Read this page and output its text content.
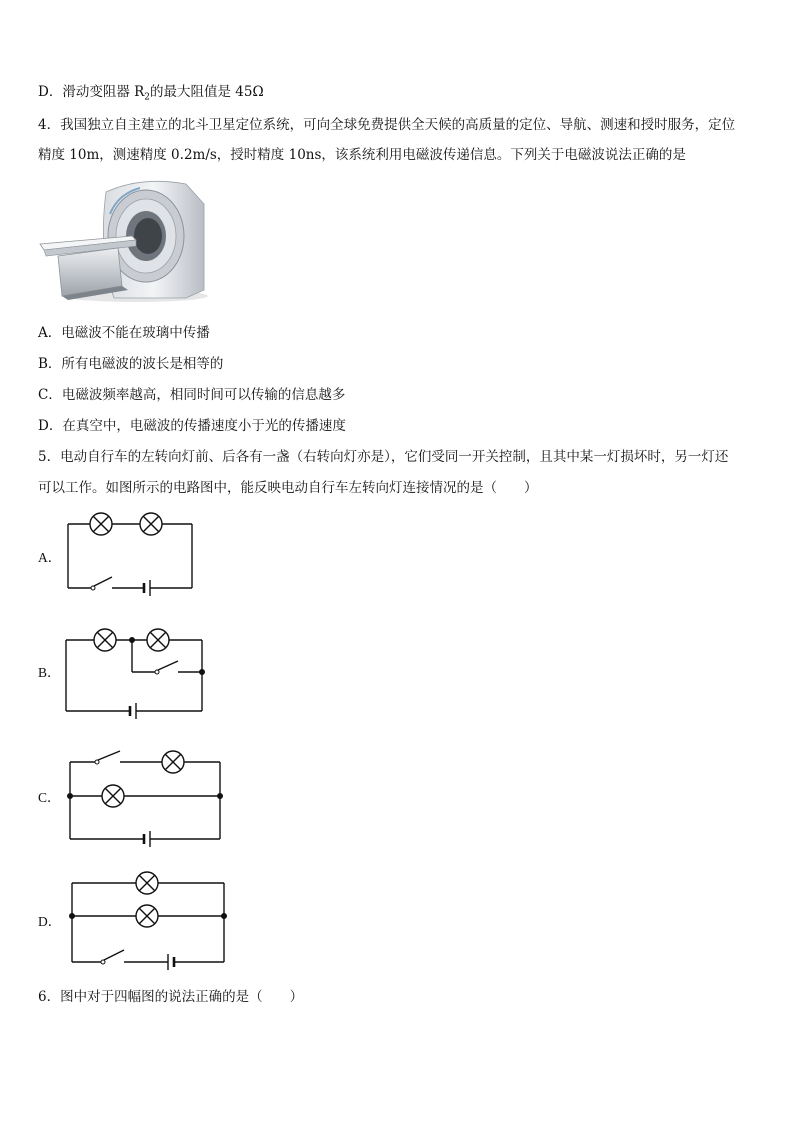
D．滑动变阻器 $R_2$的最大阻值是 45Ω
4．我国独立自主建立的北斗卫星定位系统，可向全球免费提供全天候的高质量的定位、导航、测速和授时服务，定位
精度 10m，测速精度 0.2m/s，授时精度 10ns，该系统利用电磁波传递信息。下列关于电磁波说法正确的是
A．电磁波不能在玻璃中传播
B．所有电磁波的波长是相等的
C．电磁波频率越高，相同时间可以传输的信息越多
D．在真空中，电磁波的传播速度小于光的传播速度
5．电动自行车的左转向灯前、后各有一盏（右转向灯亦是），它们受同一开关控制，且其中某一灯损坏时，另一灯还
可以工作。如图所示的电路图中，能反映电动自行车左转向灯连接情况的是（　　）
A．
B．
C．
D．
6．图中对于四幅图的说法正确的是（　　）
